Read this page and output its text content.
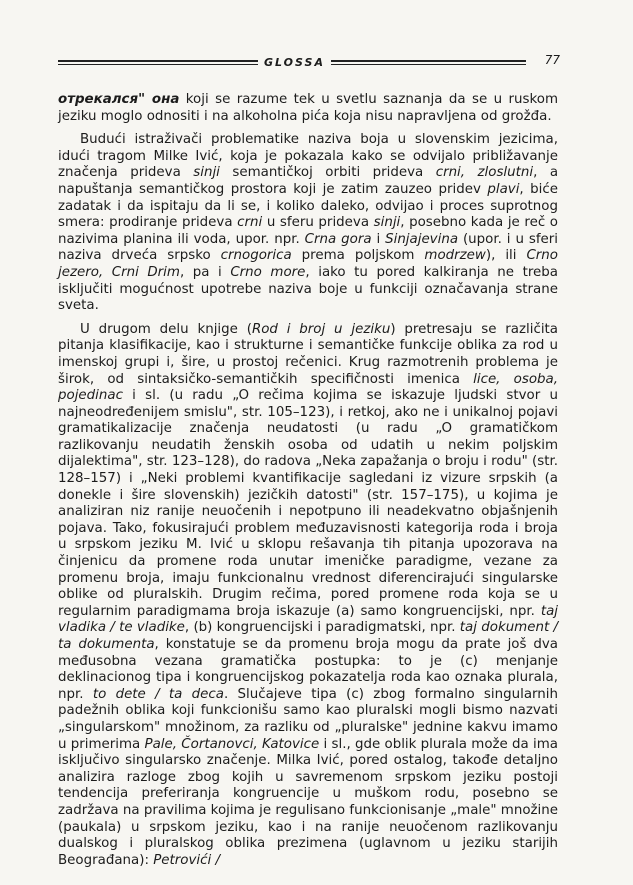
GLOSSA	77

отрекался" она koji se razume tek u svetlu saznanja da se u ruskom jeziku moglo odnositi i na alkoholna pića koja nisu napravljena od grožđa.

Budući istraživači problematike naziva boja u slovenskim jezicima, idući tragom Milke Ivić, koja je pokazala kako se odvijalo približavanje značenja prideva sinji semantičkoj orbiti prideva crni, zloslutni, a napuštanja semantičkog prostora koji je zatim zauzeo pridev plavi, biće zadatak i da ispitaju da li se, i koliko daleko, odvijao i proces suprotnog smera: prodiranje prideva crni u sferu prideva sinji, posebno kada je reč o nazivima planina ili voda, upor. npr. Crna gora i Sinjajevina (upor. i u sferi naziva drveća srpsko crnogorica prema poljskom modrzew), ili Crno jezero, Crni Drim, pa i Crno more, iako tu pored kalkiranja ne treba isključiti mogućnost upotrebe naziva boje u funkciji označavanja strane sveta.

U drugom delu knjige (Rod i broj u jeziku) pretresaju se različita pitanja klasifikacije, kao i strukturne i semantičke funkcije oblika za rod u imenskoj grupi i, šire, u prostoj rečenici. Krug razmotrenih problema je širok, od sintaksičko-semantičkih specifičnosti imenica lice, osoba, pojedinac i sl. (u radu „O rečima kojima se iskazuje ljudski stvor u najneodređenijem smislu", str. 105–123), i retkoj, ako ne i unikalnoj pojavi gramatikalizacije značenja neudatosti (u radu „O gramatičkom razlikovanju neudatih ženskih osoba od udatih u nekim poljskim dijalektima", str. 123–128), do radova „Neka zapažanja o broju i rodu" (str. 128–157) i „Neki problemi kvantifikacije sagledani iz vizure srpskih (a donekle i šire slovenskih) jezičkih datosti" (str. 157–175), u kojima je analiziran niz ranije neuočenih i nepotpuno ili neadekvatno objašnjenih pojava. Tako, fokusirajući problem međuzavisnosti kategorija roda i broja u srpskom jeziku M. Ivić u sklopu rešavanja tih pitanja upozorava na činjenicu da promene roda unutar imeničke paradigme, vezane za promenu broja, imaju funkcionalnu vrednost diferencirajući singularske oblike od pluralskih. Drugim rečima, pored promene roda koja se u regularnim paradigmama broja iskazuje (a) samo kongruencijski, npr. taj vladika / te vladike, (b) kongruencijski i paradigmatski, npr. taj dokument / ta dokumenta, konstatuje se da promenu broja mogu da prate još dva međusobna vezana gramatička postupka: to je (c) menjanje deklinacionog tipa i kongruencijskog pokazatelja roda kao oznaka plurala, npr. to dete / ta deca. Slučajeve tipa (c) zbog formalno singularnih padežnih oblika koji funkcionišu samo kao pluralski mogli bismo nazvati „singularskom" množinom, za razliku od „pluralske" jednine kakvu imamo u primerima Pale, Čortanovci, Katovice i sl., gde oblik plurala može da ima isključivo singularsko značenje. Milka Ivić, pored ostalog, takođe detaljno analizira razloge zbog kojih u savremenom srpskom jeziku postoji tendencija preferiranja kongruencije u muškom rodu, posebno se zadržava na pravilima kojima je regulisano funkcionisanje „male" množine (paukala) u srpskom jeziku, kao i na ranije neuočenom razlikovanju dualskog i pluralskog oblika prezimena (uglavnom u jeziku starijih Beograđana): Petrovići /
